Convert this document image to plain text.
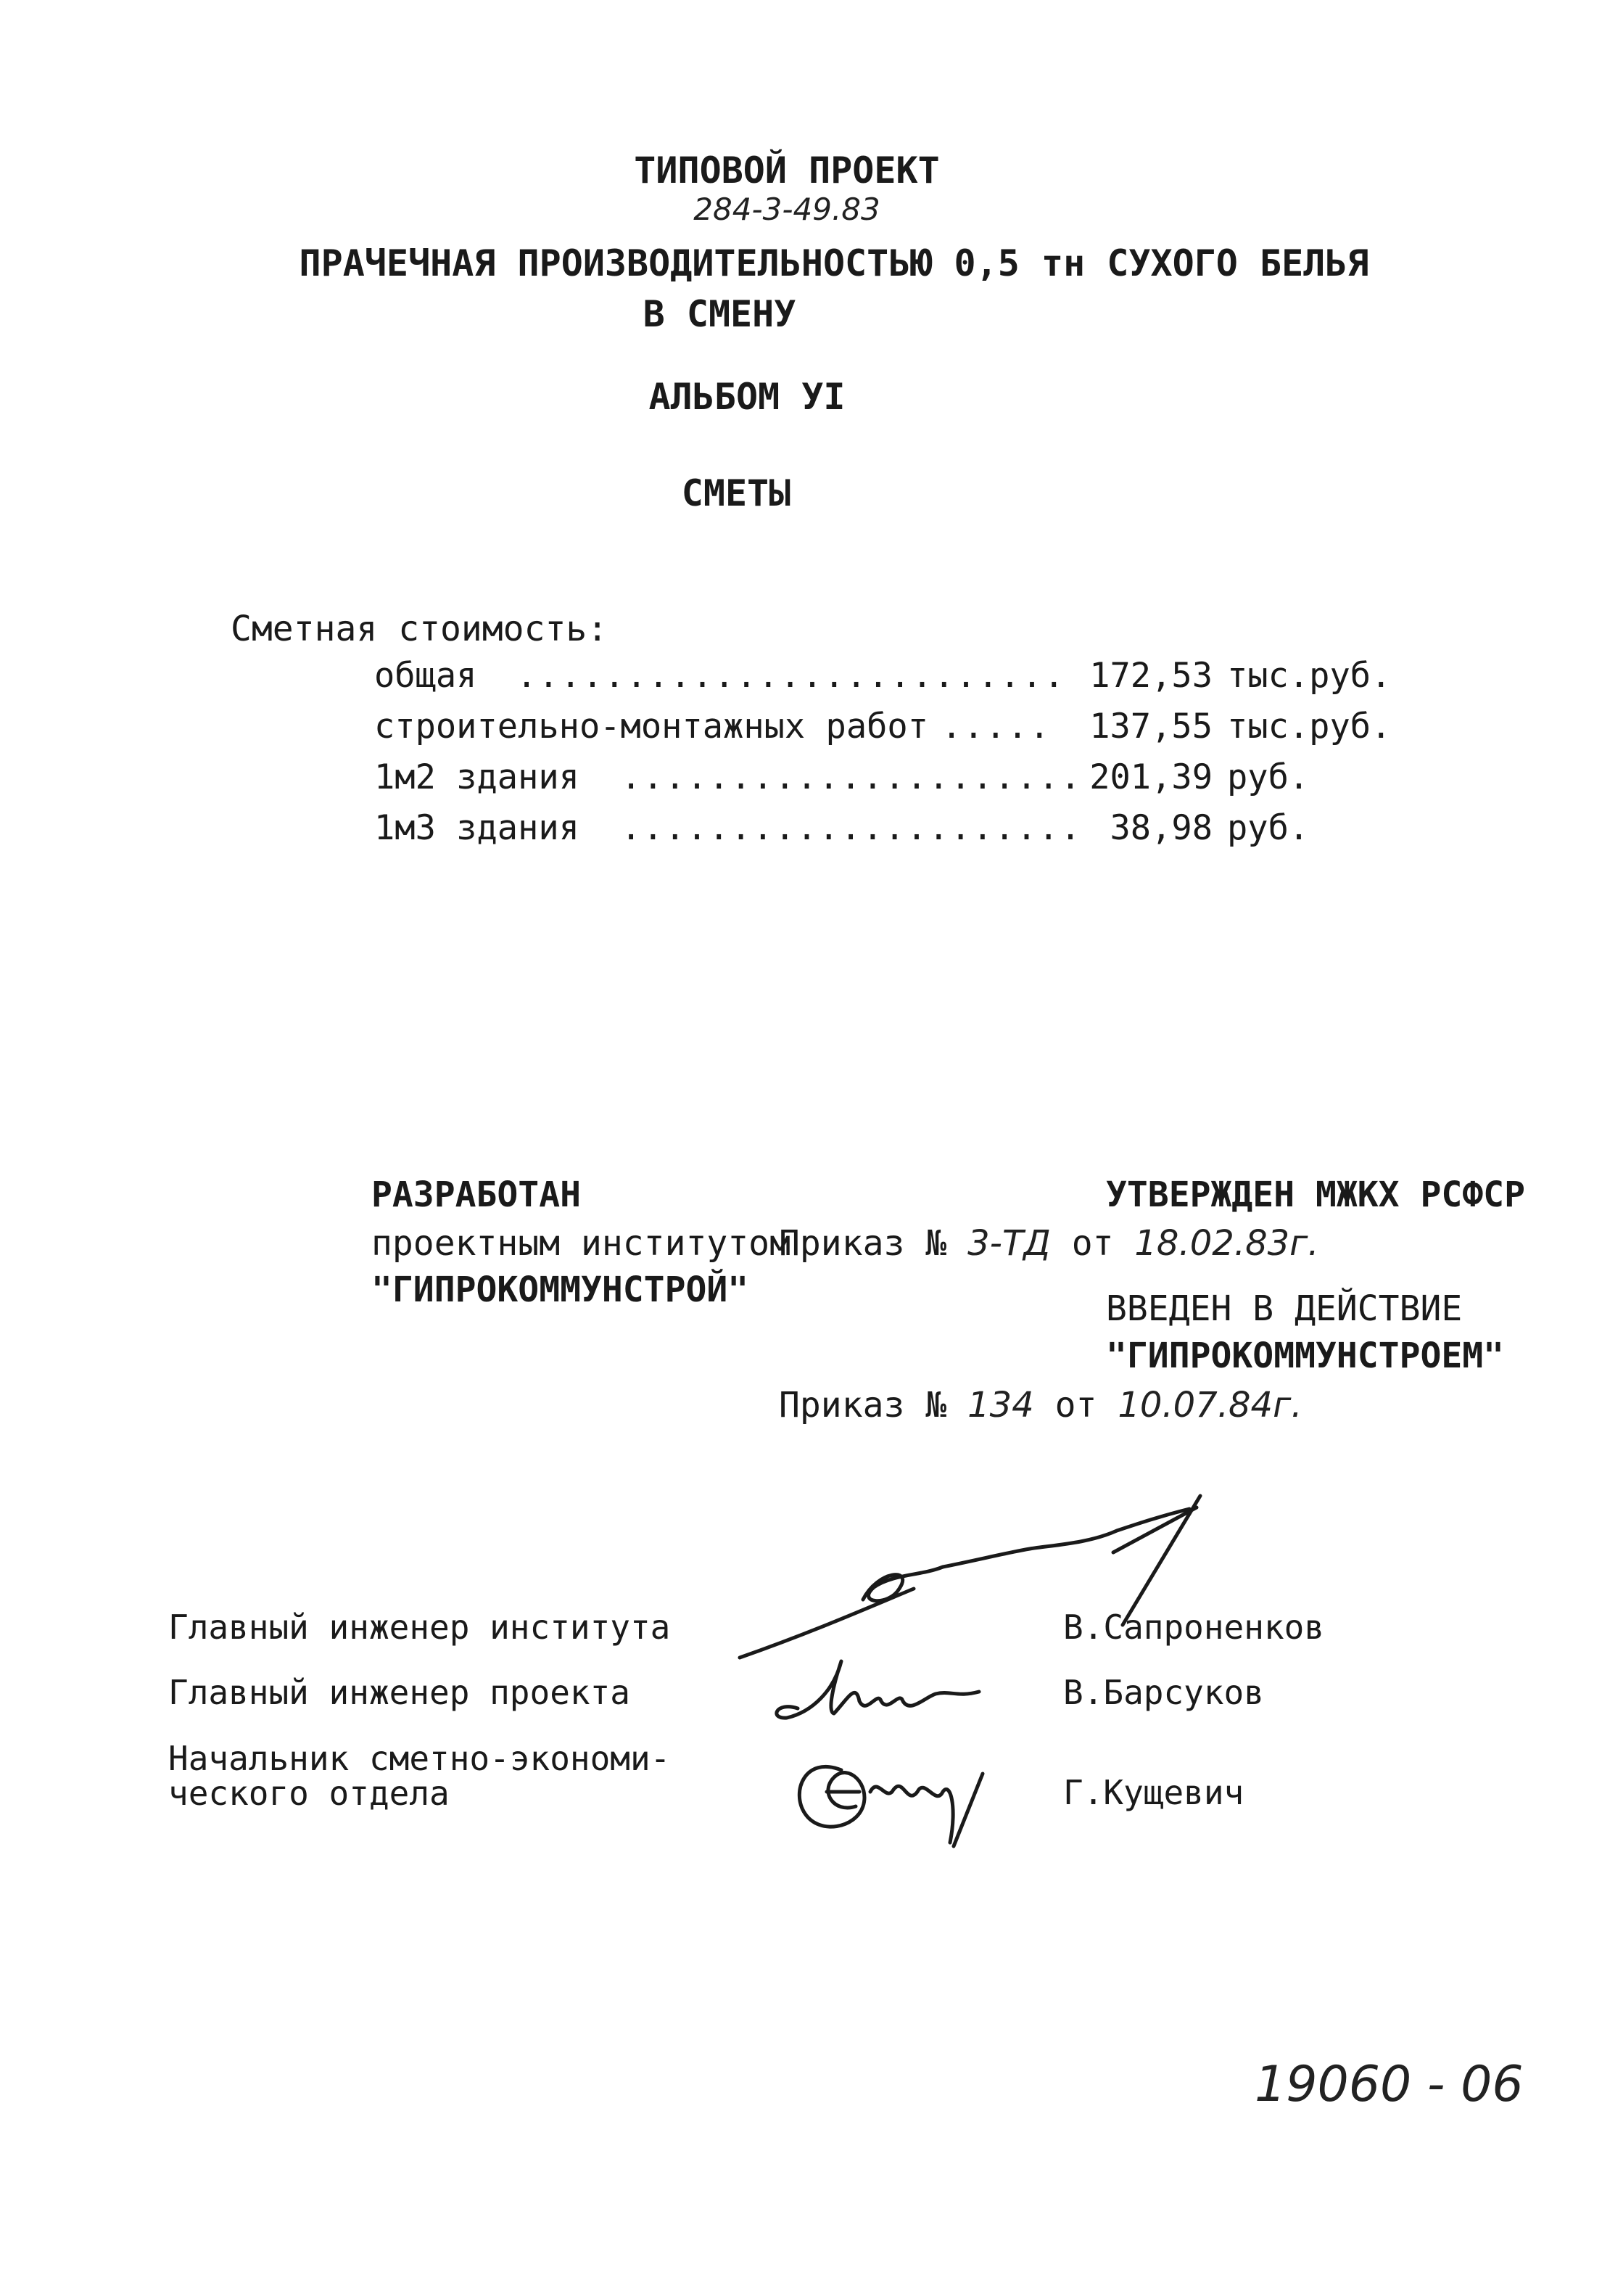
ТИПОВОЙ ПРОЕКТ
284-3-49.83
ПРАЧЕЧНАЯ ПРОИЗВОДИТЕЛЬНОСТЬЮ 0,5 тн СУХОГО БЕЛЬЯ
В СМЕНУ
АЛЬБОМ УI
СМЕТЫ
Сметная стоимость:
общая ......................... 172,53 тыс.руб.
строительно-монтажных работ .....	137,55 тыс.руб.
1м2 здания ..................... 201,39 руб.
1м3 здания ..................... 38,98 руб.
РАЗРАБОТАН
проектным институтом
"ГИПРОКОММУНСТРОЙ"
УТВЕРЖДЕН МЖКХ РСФСР
Приказ № 3-ТД от 18.02.83г.
ВВЕДЕН В ДЕЙСТВИЕ
"ГИПРОКОММУНСТРОЕМ"
Приказ № 134 от 10.07.84г.
Главный инженер института
Главный инженер проекта
Начальник сметно-экономи-
ческого отдела
В.Сапроненков
В.Барсуков
Г.Кущевич
19060 - 06
